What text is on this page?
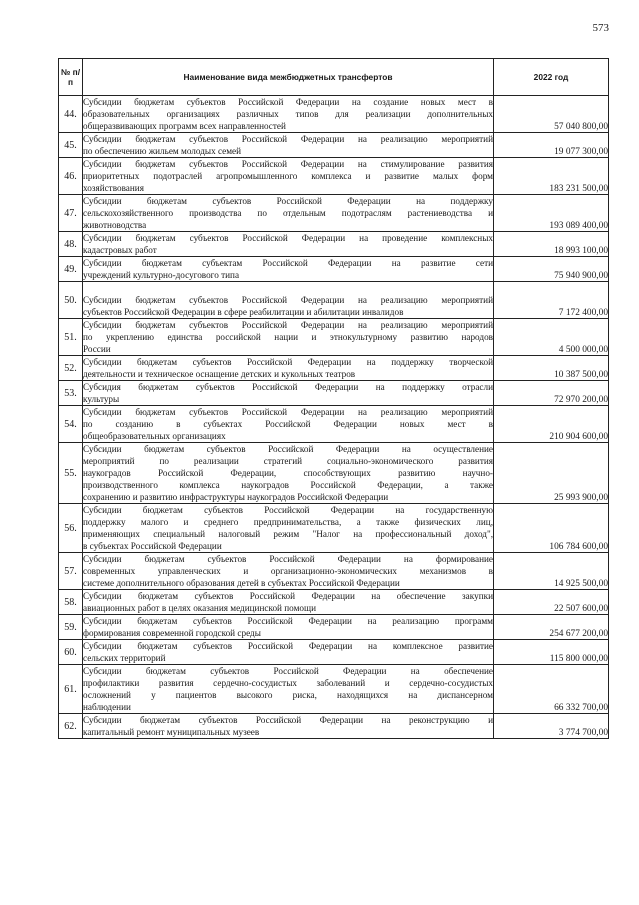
573
№ п/п	Наименование вида межбюджетных трансфертов	2022 год
44.	Субсидии бюджетам субъектов Российской Федерации на создание новых мест в
образовательных организациях различных типов для реализации дополнительных
общеразвивающих программ всех направленностей	57 040 800,00
45.	Субсидии бюджетам субъектов Российской Федерации на реализацию мероприятий
по обеспечению жильем молодых семей	19 077 300,00
46.	Субсидии бюджетам субъектов Российской Федерации на стимулирование развития
приоритетных подотраслей агропромышленного комплекса и развитие малых форм
хозяйствования	183 231 500,00
47.	Субсидии бюджетам субъектов Российской Федерации на поддержку
сельскохозяйственного производства по отдельным подотраслям растениеводства и
животноводства	193 089 400,00
48.	Субсидии бюджетам субъектов Российской Федерации на проведение комплексных
кадастровых работ	18 993 100,00
49.	Субсидии бюджетам субъектам Российской Федерации на развитие сети
учреждений культурно-досугового типа	75 940 900,00
50.	Субсидии бюджетам субъектов Российской Федерации на реализацию мероприятий
субъектов Российской Федерации в сфере реабилитации и абилитации инвалидов	7 172 400,00
51.	Субсидии бюджетам субъектов Российской Федерации на реализацию мероприятий
по укреплению единства российской нации и этнокультурному развитию народов
России	4 500 000,00
52.	Субсидии бюджетам субъектов Российской Федерации на поддержку творческой
деятельности и техническое оснащение детских и кукольных театров	10 387 500,00
53.	Субсидия бюджетам субъектов Российской Федерации на поддержку отрасли
культуры	72 970 200,00
54.	Субсидии бюджетам субъектов Российской Федерации на реализацию мероприятий
по созданию в субъектах Российской Федерации новых мест в
общеобразовательных организациях	210 904 600,00
55.	Субсидии бюджетам субъектов Российской Федерации на осуществление
мероприятий по реализации стратегий социально-экономического развития
наукоградов Российской Федерации, способствующих развитию научно-
производственного комплекса наукоградов Российской Федерации, а также
сохранению и развитию инфраструктуры наукоградов Российской Федерации	25 993 900,00
56.	Субсидии бюджетам субъектов Российской Федерации на государственную
поддержку малого и среднего предпринимательства, а также физических лиц,
применяющих специальный налоговый режим "Налог на профессиональный доход",
в субъектах Российской Федерации	106 784 600,00
57.	Субсидии бюджетам субъектов Российской Федерации на формирование
современных управленческих и организационно-экономических механизмов в
системе дополнительного образования детей в субъектах Российской Федерации	14 925 500,00
58.	Субсидии бюджетам субъектов Российской Федерации на обеспечение закупки
авиационных работ в целях оказания медицинской помощи	22 507 600,00
59.	Субсидии бюджетам субъектов Российской Федерации на реализацию программ
формирования современной городской среды	254 677 200,00
60.	Субсидии бюджетам субъектов Российской Федерации на комплексное развитие
сельских территорий	115 800 000,00
61.	Субсидии бюджетам субъектов Российской Федерации на обеспечение
профилактики развития сердечно-сосудистых заболеваний и сердечно-сосудистых
осложнений у пациентов высокого риска, находящихся на диспансерном
наблюдении	66 332 700,00
62.	Субсидии бюджетам субъектов Российской Федерации на реконструкцию и
капитальный ремонт муниципальных музеев	3 774 700,00
